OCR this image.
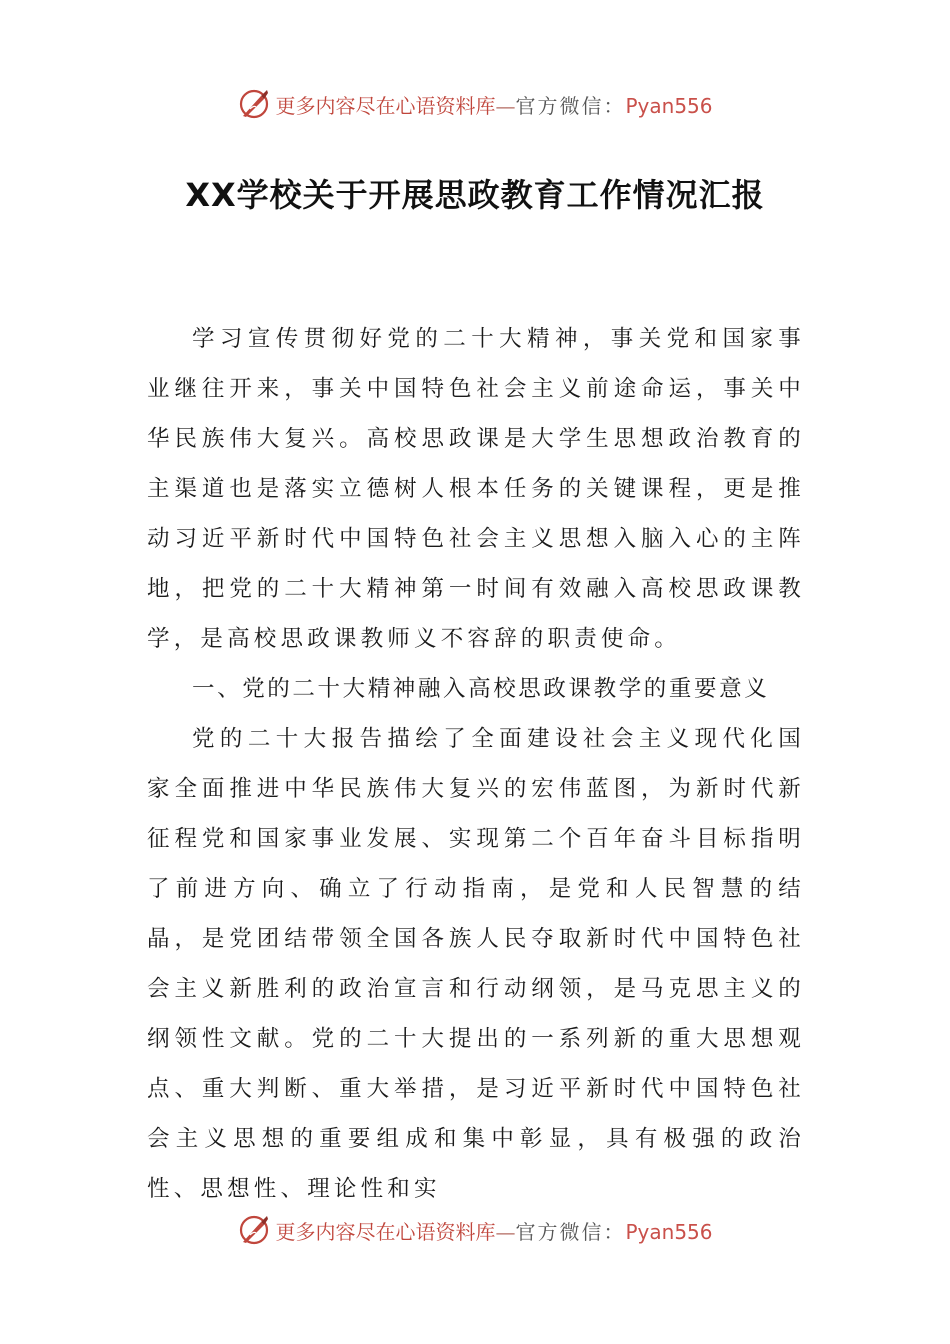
更多内容尽在心语资料库—官方微信：Pyan556
XX学校关于开展思政教育工作情况汇报

学习宣传贯彻好党的二十大精神，事关党和国家事业继往开来，事关中国特色社会主义前途命运，事关中华民族伟大复兴。高校思政课是大学生思想政治教育的主渠道也是落实立德树人根本任务的关键课程，更是推动习近平新时代中国特色社会主义思想入脑入心的主阵地，把党的二十大精神第一时间有效融入高校思政课教学，是高校思政课教师义不容辞的职责使命。

一、党的二十大精神融入高校思政课教学的重要意义

党的二十大报告描绘了全面建设社会主义现代化国家全面推进中华民族伟大复兴的宏伟蓝图，为新时代新征程党和国家事业发展、实现第二个百年奋斗目标指明了前进方向、确立了行动指南，是党和人民智慧的结晶，是党团结带领全国各族人民夺取新时代中国特色社会主义新胜利的政治宣言和行动纲领，是马克思主义的纲领性文献。党的二十大提出的一系列新的重大思想观点、重大判断、重大举措，是习近平新时代中国特色社会主义思想的重要组成和集中彰显，具有极强的政治性、思想性、理论性和实

更多内容尽在心语资料库—官方微信：Pyan556
